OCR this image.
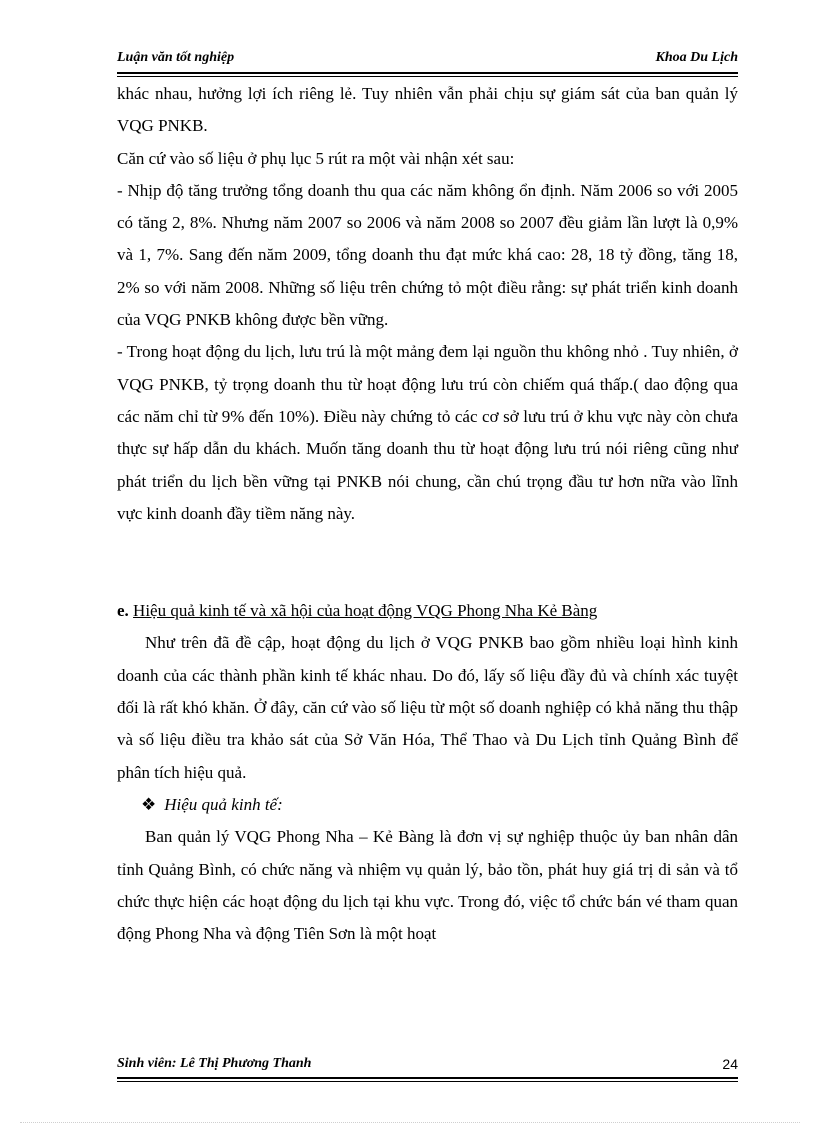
Luận văn tốt nghiệp	Khoa Du Lịch

khác nhau, hưởng lợi ích riêng lẻ. Tuy nhiên vẫn phải chịu sự giám sát của ban quản lý VQG PNKB.

Căn cứ vào số liệu ở phụ lục 5 rút ra một vài nhận xét sau:

- Nhịp độ tăng trưởng tổng doanh thu qua các năm không ổn định. Năm 2006 so với 2005 có tăng 2, 8%. Nhưng năm 2007 so 2006 và năm 2008 so 2007 đều giảm lần lượt là 0,9% và 1, 7%. Sang đến năm 2009, tổng doanh thu đạt mức khá cao: 28, 18 tỷ đồng, tăng 18, 2% so với năm 2008. Những số liệu trên chứng tỏ một điều rằng: sự phát triển kinh doanh của VQG PNKB không được bền vững.

- Trong hoạt động du lịch, lưu trú là một mảng đem lại nguồn thu không nhỏ . Tuy nhiên, ở VQG PNKB, tỷ trọng doanh thu từ hoạt động lưu trú còn chiếm quá thấp.( dao động qua các năm chỉ từ 9% đến 10%). Điều này chứng tỏ các cơ sở lưu trú ở khu vực này còn chưa thực sự hấp dẫn du khách. Muốn tăng doanh thu từ hoạt động lưu trú nói riêng cũng như phát triển du lịch bền vững tại PNKB nói chung, cần chú trọng đầu tư hơn nữa vào lĩnh vực kinh doanh đầy tiềm năng này.

e. Hiệu quả kinh tế và xã hội của hoạt động VQG Phong Nha Kẻ Bàng

Như trên đã đề cập, hoạt động du lịch ở VQG PNKB bao gồm nhiều loại hình kinh doanh của các thành phần kinh tế khác nhau. Do đó, lấy số liệu đầy đủ và chính xác tuyệt đối là rất khó khăn. Ở đây, căn cứ vào số liệu từ một số doanh nghiệp có khả năng thu thập và số liệu điều tra khảo sát của Sở Văn Hóa, Thể Thao và Du Lịch tỉnh Quảng Bình để phân tích hiệu quả.

❖ Hiệu quả kinh tế:

Ban quản lý VQG Phong Nha – Kẻ Bàng là đơn vị sự nghiệp thuộc ủy ban nhân dân tỉnh Quảng Bình, có chức năng và nhiệm vụ quản lý, bảo tồn, phát huy giá trị di sản và tổ chức thực hiện các hoạt động du lịch tại khu vực. Trong đó, việc tổ chức bán vé tham quan động Phong Nha và động Tiên Sơn là một hoạt

Sinh viên: Lê Thị Phương Thanh	24
